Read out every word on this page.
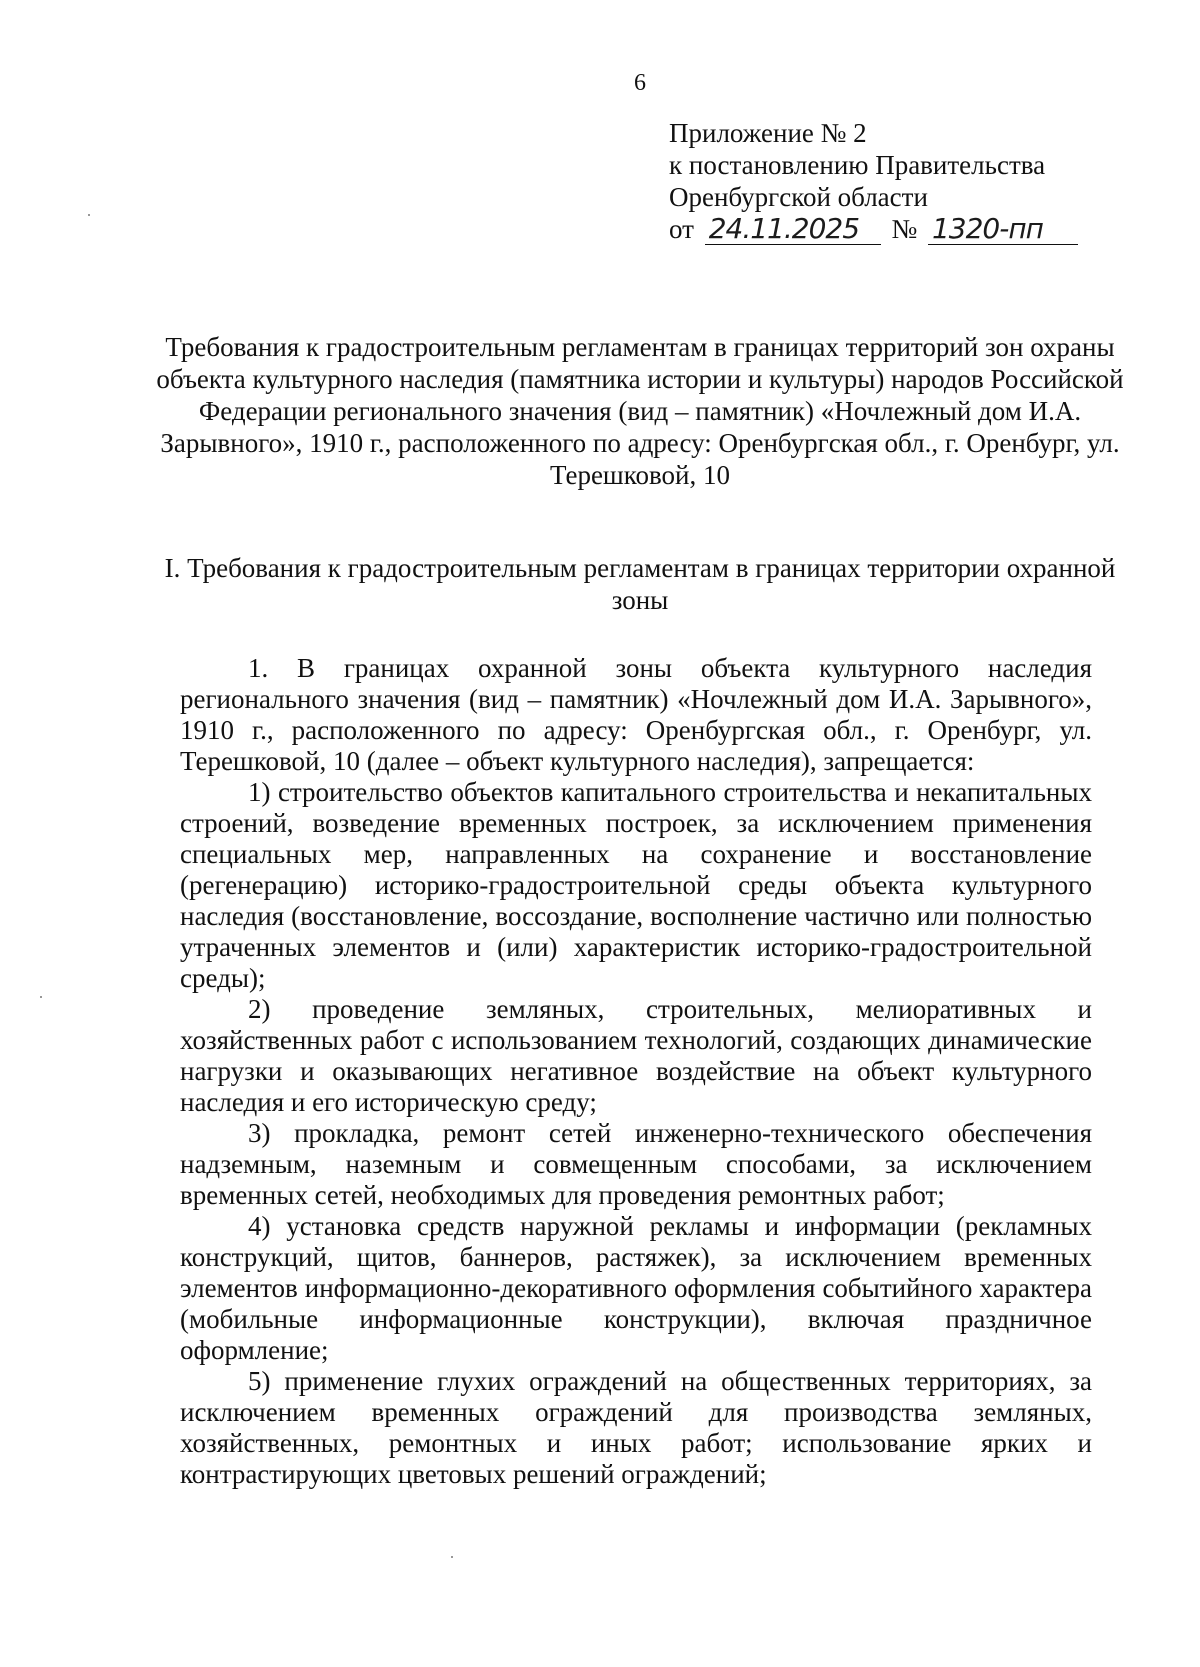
6
Приложение № 2
к постановлению Правительства
Оренбургской области
от 24.11.2025 № 1320-пп
Требования к градостроительным регламентам в границах территорий зон охраны объекта культурного наследия (памятника истории и культуры) народов Российской Федерации регионального значения (вид – памятник) «Ночлежный дом И.А. Зарывного», 1910 г., расположенного по адресу: Оренбургская обл., г. Оренбург, ул. Терешковой, 10
I. Требования к градостроительным регламентам в границах территории охранной зоны

1. В границах охранной зоны объекта культурного наследия регионального значения (вид – памятник) «Ночлежный дом И.А. Зарывного», 1910 г., расположенного по адресу: Оренбургская обл., г. Оренбург, ул. Терешковой, 10 (далее – объект культурного наследия), запрещается:

1) строительство объектов капитального строительства и некапитальных строений, возведение временных построек, за исключением применения специальных мер, направленных на сохранение и восстановление (регенерацию) историко-градостроительной среды объекта культурного наследия (восстановление, воссоздание, восполнение частично или полностью утраченных элементов и (или) характеристик историко-градостроительной среды);

2) проведение земляных, строительных, мелиоративных и хозяйственных работ с использованием технологий, создающих динамические нагрузки и оказывающих негативное воздействие на объект культурного наследия и его историческую среду;

3) прокладка, ремонт сетей инженерно-технического обеспечения надземным, наземным и совмещенным способами, за исключением временных сетей, необходимых для проведения ремонтных работ;

4) установка средств наружной рекламы и информации (рекламных конструкций, щитов, баннеров, растяжек), за исключением временных элементов информационно-декоративного оформления событийного характера (мобильные информационные конструкции), включая праздничное оформление;

5) применение глухих ограждений на общественных территориях, за исключением временных ограждений для производства земляных, хозяйственных, ремонтных и иных работ; использование ярких и контрастирующих цветовых решений ограждений;
